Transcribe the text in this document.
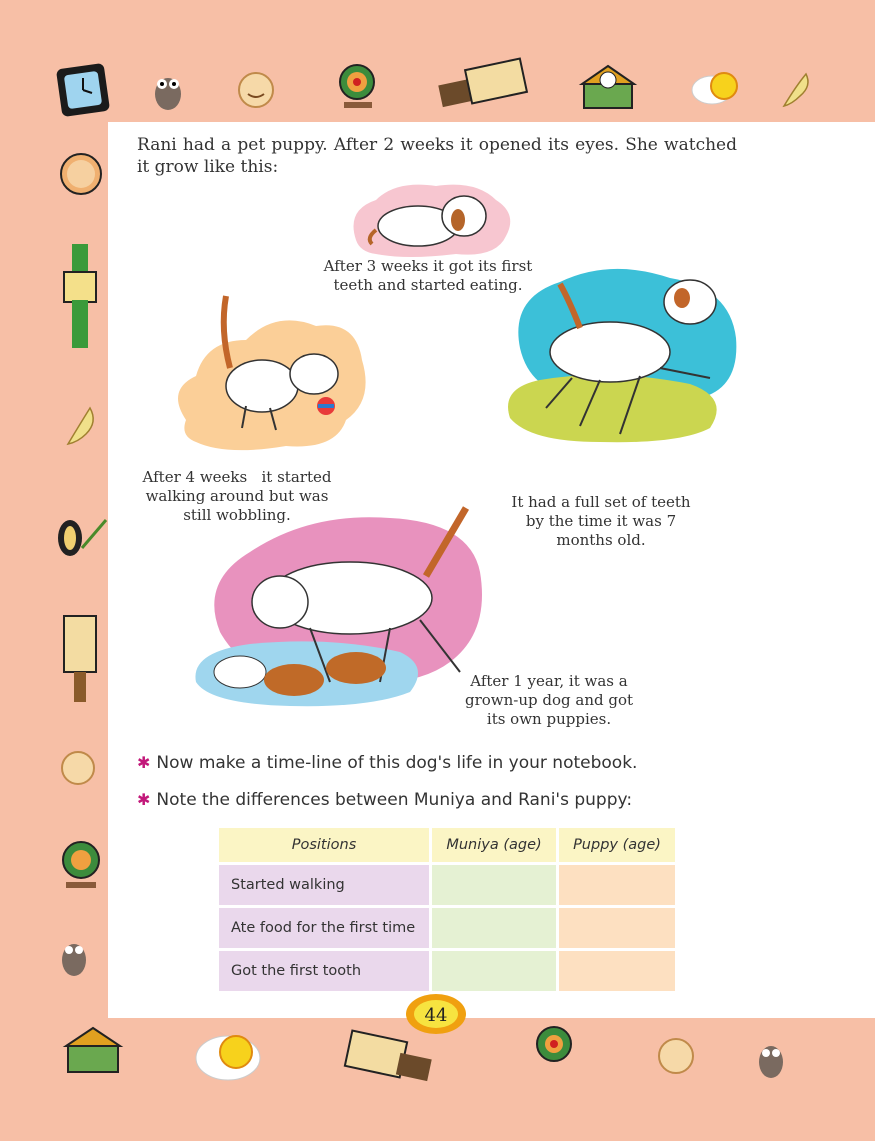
Rani had a pet puppy. After 2 weeks it opened its eyes. She watched it grow like this:
After 3 weeks it got its first
teeth and started eating.
After 4 weeks   it started
walking around but was
still wobbling.
It had a full set of teeth
by the time it was 7
months old.
After 1 year, it was a
grown-up dog and got
its own puppies.
✱ Now make a time-line of this dog's life in your notebook.
✱ Note the differences between Muniya and Rani's puppy:
Positions	Muniya (age)	Puppy (age)
Started walking		
Ate food for the first time		
Got the first tooth		
44
